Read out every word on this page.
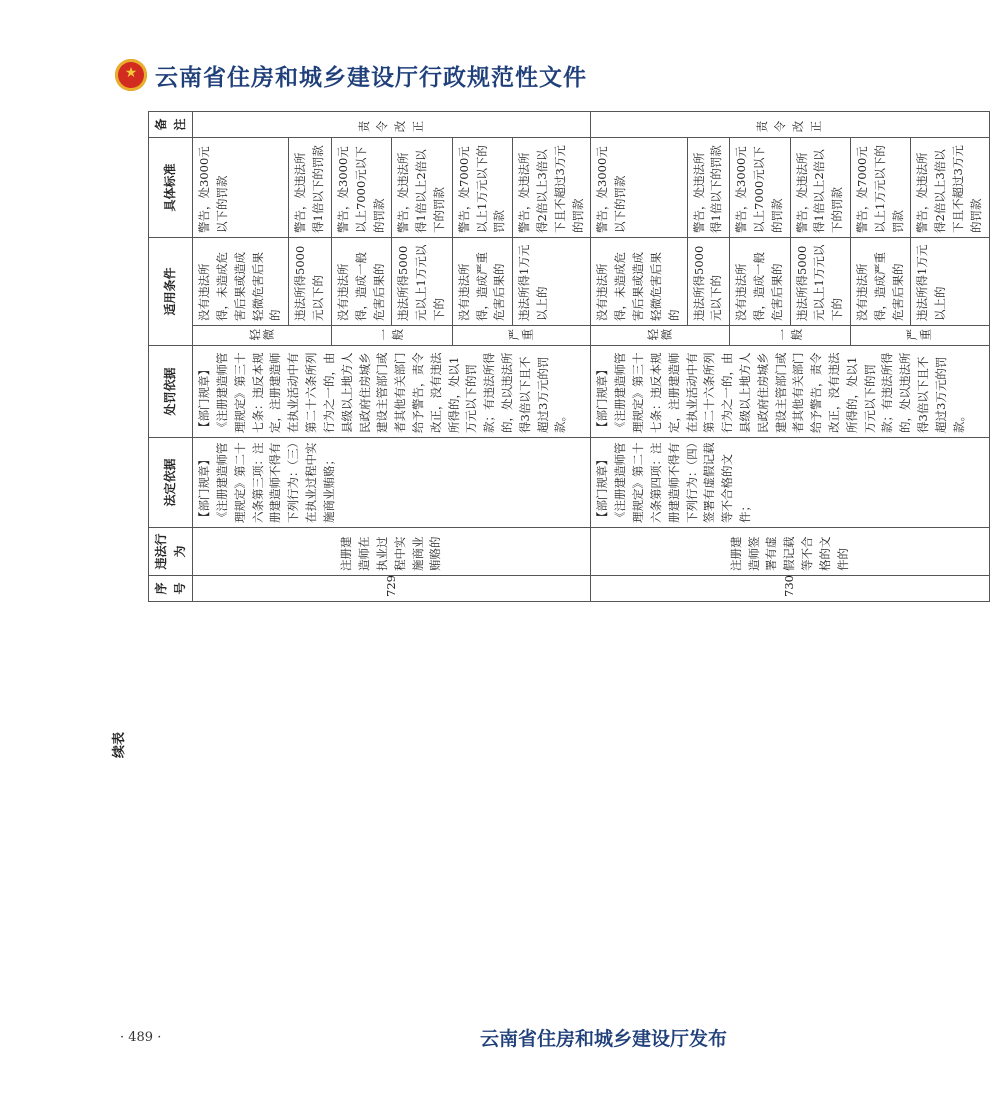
★
云南省住房和城乡建设厅行政规范性文件
续表
序号	违法行为	法定依据	处罚依据	适用条件		具体标准	备注
729	注册建造师在执业过程中实施商业贿赂的	【部门规章】《注册建造师管理规定》第二十六条第三项：注册建造师不得有下列行为：（三）在执业过程中实施商业贿赂；	【部门规章】《注册建造师管理规定》第三十七条：违反本规定，注册建造师在执业活动中有第二十六条所列行为之一的，由县级以上地方人民政府住房城乡建设主管部门或者其他有关部门给予警告，责令改正，没有违法所得的，处以1万元以下的罚款；有违法所得的，处以违法所得3倍以下且不超过3万元的罚款。	轻微	没有违法所得，未造成危害后果或造成轻微危害后果的	警告，处3000元以下的罚款	责令改正
					违法所得5000元以下的	警告，处违法所得1倍以下的罚款	
				一般	没有违法所得，造成一般危害后果的	警告，处3000元以上7000元以下的罚款	
					违法所得5000元以上1万元以下的	警告，处违法所得1倍以上2倍以下的罚款	
				严重	没有违法所得，造成严重危害后果的	警告，处7000元以上1万元以下的罚款	
					违法所得1万元以上的	警告，处违法所得2倍以上3倍以下且不超过3万元的罚款	
730	注册建造师签署有虚假记载等不合格的文件的	【部门规章】《注册建造师管理规定》第二十六条第四项：注册建造师不得有下列行为：（四）签署有虚假记载等不合格的文件；	【部门规章】《注册建造师管理规定》第三十七条：违反本规定，注册建造师在执业活动中有第二十六条所列行为之一的，由县级以上地方人民政府住房城乡建设主管部门或者其他有关部门给予警告，责令改正，没有违法所得的，处以1万元以下的罚款；有违法所得的，处以违法所得3倍以下且不超过3万元的罚款。	轻微	没有违法所得，未造成危害后果或造成轻微危害后果的	警告，处3000元以下的罚款	责令改正
					违法所得5000元以下的	警告，处违法所得1倍以下的罚款	
				一般	没有违法所得，造成一般危害后果的	警告，处3000元以上7000元以下的罚款	
					违法所得5000元以上1万元以下的	警告，处违法所得1倍以上2倍以下的罚款	
				严重	没有违法所得，造成严重危害后果的	警告，处7000元以上1万元以下的罚款	
					违法所得1万元以上的	警告，处违法所得2倍以上3倍以下且不超过3万元的罚款	
· 489 ·	云南省住房和城乡建设厅发布
